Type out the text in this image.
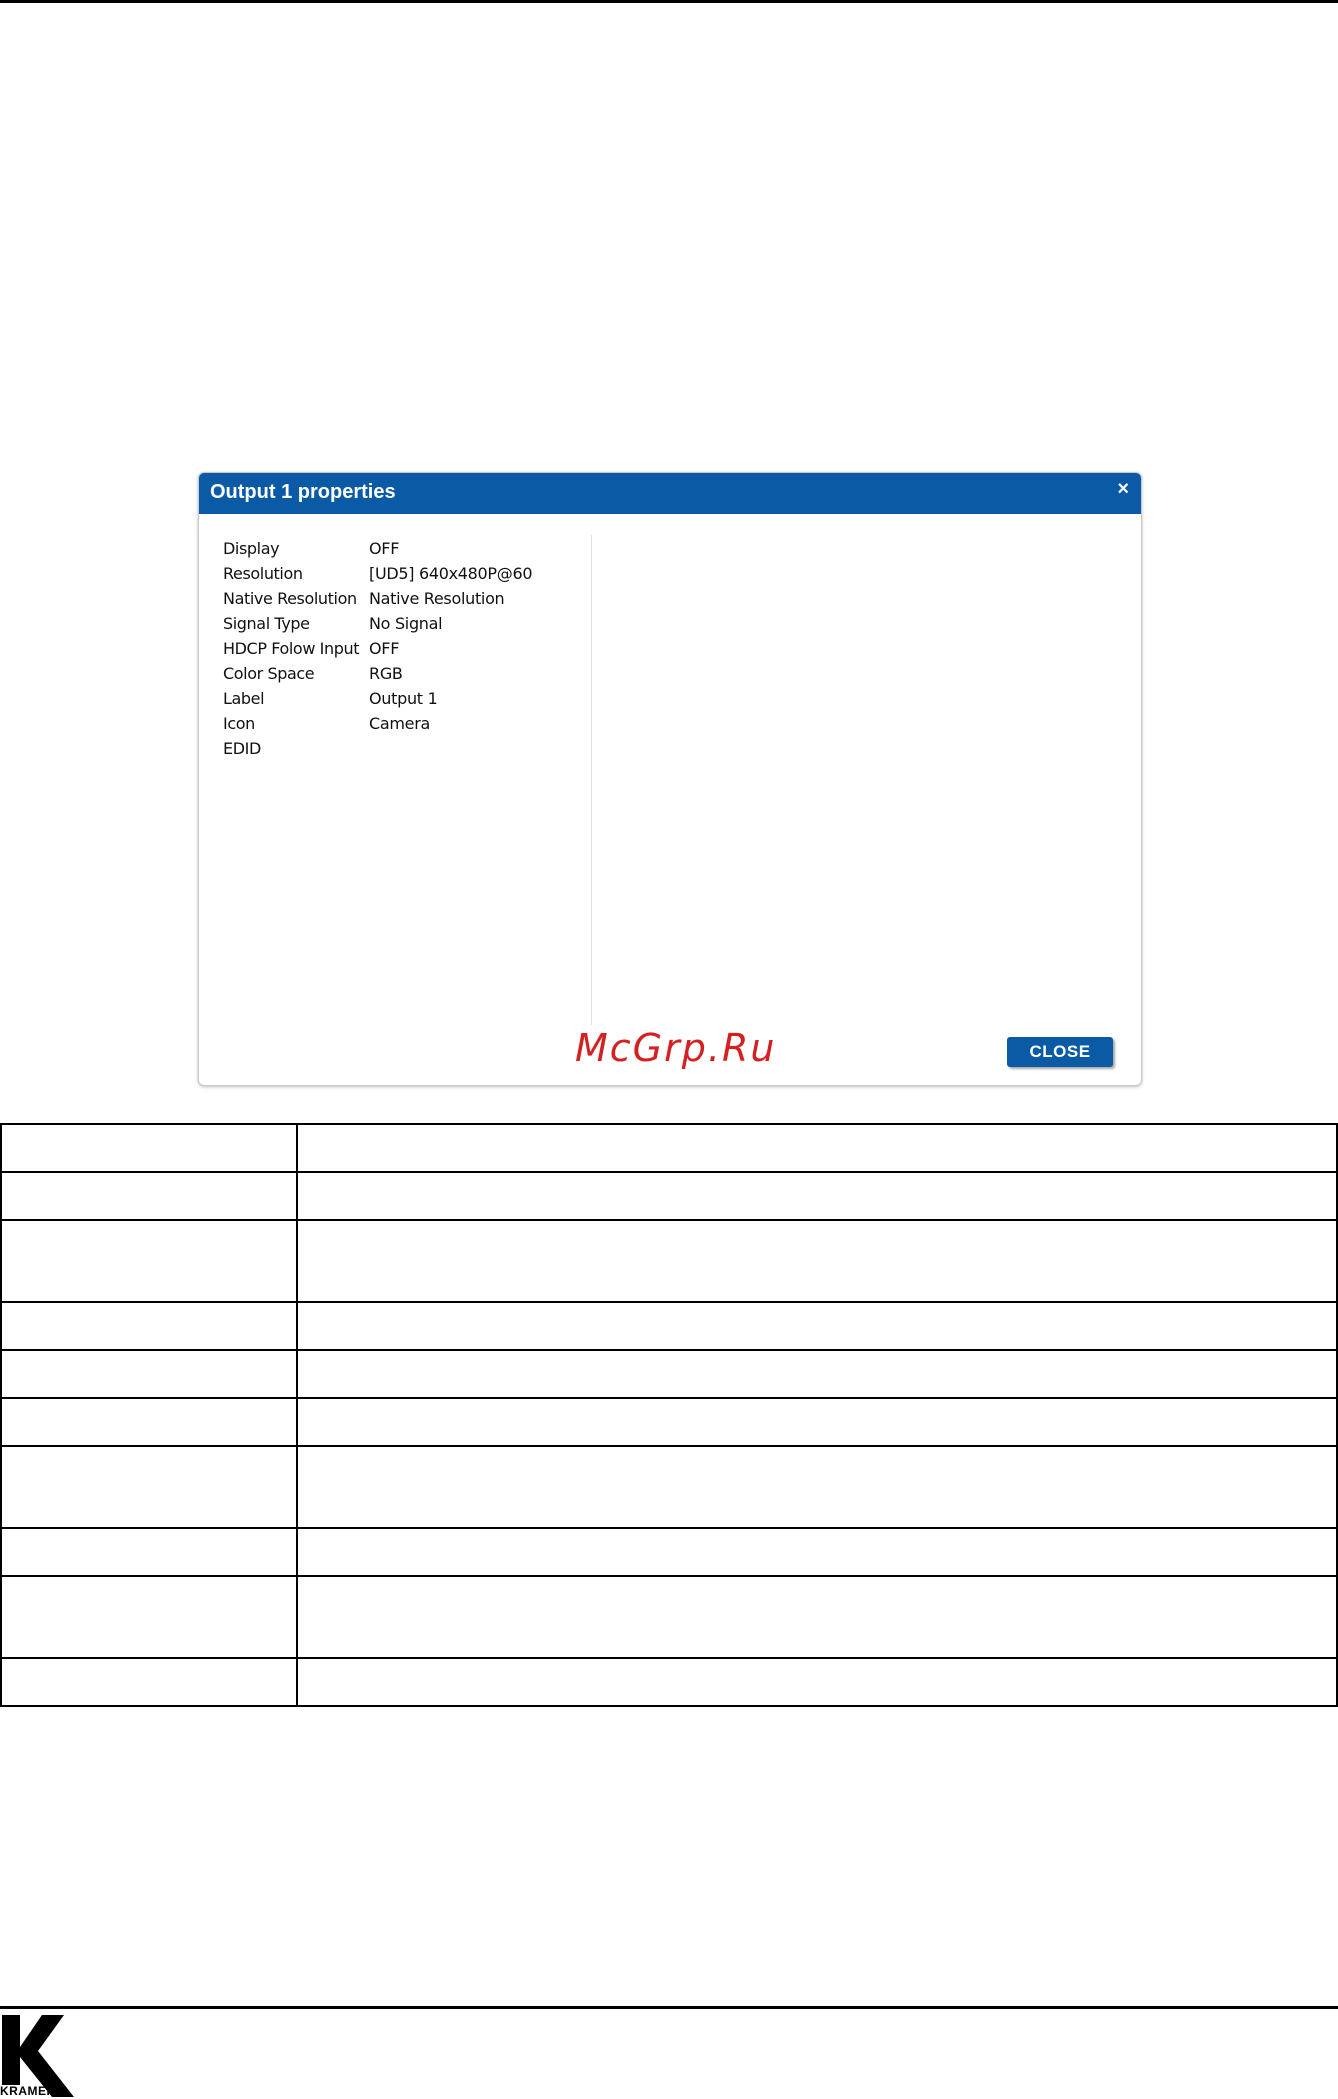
Output 1 properties	×
Display	OFF
Resolution	[UD5] 640x480P@60
Native Resolution Native Resolution
Signal Type	No Signal
HDCP Folow Input OFF
Color Space	RGB
Label	Output 1
Icon	Camera
EDID
McGrp.Ru	CLOSE

KRAMER
